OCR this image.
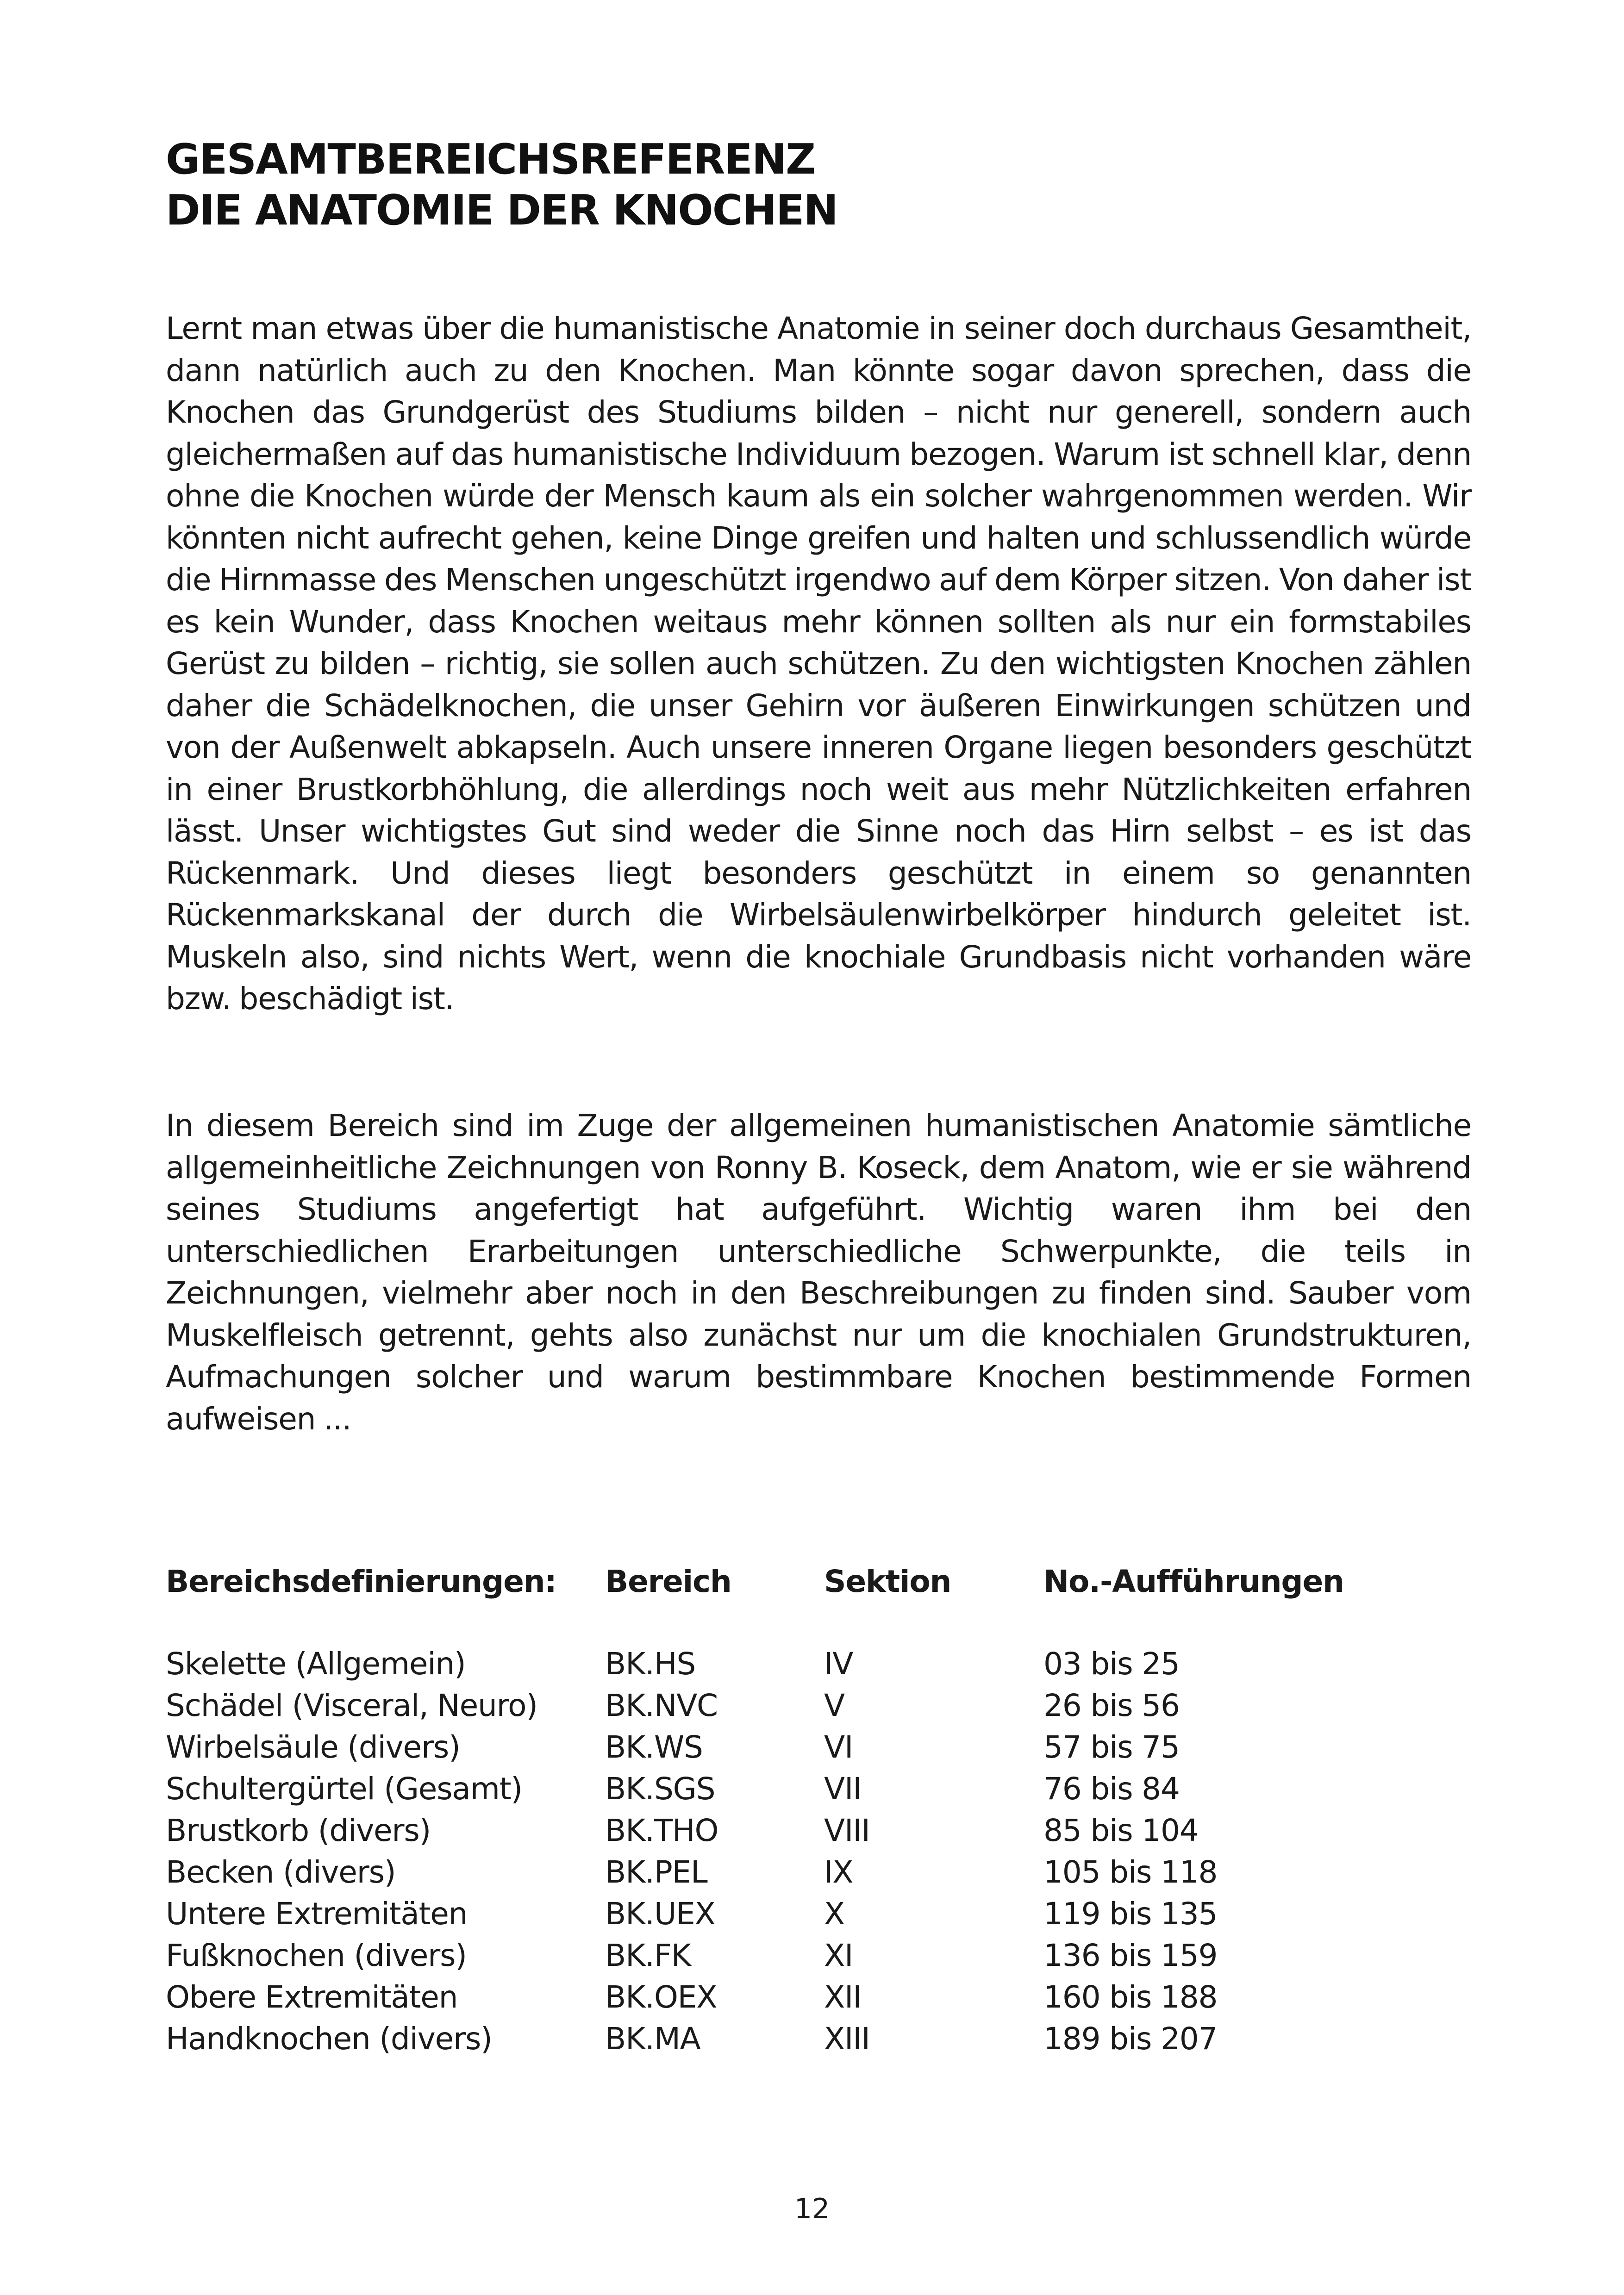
GESAMTBEREICHSREFERENZ
DIE ANATOMIE DER KNOCHEN

Lernt man etwas über die humanistische Anatomie in seiner doch durchaus Gesamtheit, dann natürlich auch zu den Knochen. Man könnte sogar davon sprechen, dass die Knochen das Grundgerüst des Studiums bilden – nicht nur generell, sondern auch gleichermaßen auf das humanistische Individuum bezogen. Warum ist schnell klar, denn ohne die Knochen würde der Mensch kaum als ein solcher wahrgenommen werden. Wir könnten nicht aufrecht gehen, keine Dinge greifen und halten und schlussendlich würde die Hirnmasse des Menschen ungeschützt irgendwo auf dem Körper sitzen. Von daher ist es kein Wunder, dass Knochen weitaus mehr können sollten als nur ein formstabiles Gerüst zu bilden – richtig, sie sollen auch schützen. Zu den wichtigsten Knochen zählen daher die Schädelknochen, die unser Gehirn vor äußeren Einwirkungen schützen und von der Außenwelt abkapseln. Auch unsere inneren Organe liegen besonders geschützt in einer Brustkorbhöhlung, die allerdings noch weit aus mehr Nützlichkeiten erfahren lässt. Unser wichtigstes Gut sind weder die Sinne noch das Hirn selbst – es ist das Rückenmark. Und dieses liegt besonders geschützt in einem so genannten Rückenmarkskanal der durch die Wirbelsäulenwirbelkörper hindurch geleitet ist. Muskeln also, sind nichts Wert, wenn die knochiale Grundbasis nicht vorhanden wäre bzw. beschädigt ist.

In diesem Bereich sind im Zuge der allgemeinen humanistischen Anatomie sämtliche allgemeinheitliche Zeichnungen von Ronny B. Koseck, dem Anatom, wie er sie während seines Studiums angefertigt hat aufgeführt. Wichtig waren ihm bei den unterschiedlichen Erarbeitungen unterschiedliche Schwerpunkte, die teils in Zeichnungen, vielmehr aber noch in den Beschreibungen zu finden sind. Sauber vom Muskelfleisch getrennt, gehts also zunächst nur um die knochialen Grundstrukturen, Aufmachungen solcher und warum bestimmbare Knochen bestimmende Formen aufweisen ...

Bereichsdefinierungen: Bereich	Sektion	No.-Aufführungen
Skelette (Allgemein)	BK.HS	IV	03 bis 25
Schädel (Visceral, Neuro) BK.NVC	V	26 bis 56
Wirbelsäule (divers)	BK.WS	VI	57 bis 75
Schultergürtel (Gesamt)	BK.SGS	VII	76 bis 84
Brustkorb (divers)	BK.THO	VIII	85 bis 104
Becken (divers)	BK.PEL	IX	105 bis 118
Untere Extremitäten	BK.UEX	X	119 bis 135
Fußknochen (divers)	BK.FK	XI	136 bis 159
Obere Extremitäten	BK.OEX	XII	160 bis 188
Handknochen (divers)	BK.MA	XIII	189 bis 207
12
